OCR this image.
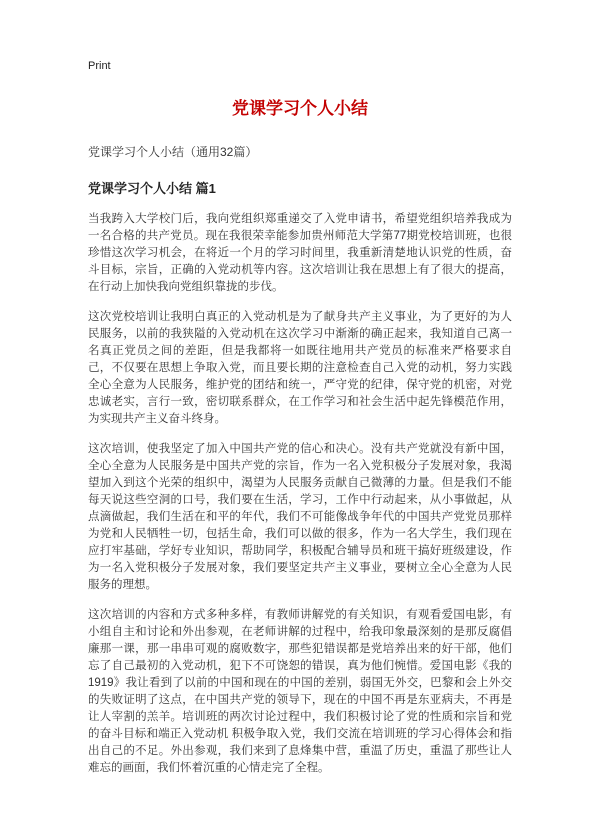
Print
党课学习个人小结

党课学习个人小结（通用32篇）

党课学习个人小结 篇1

当我跨入大学校门后，我向党组织郑重递交了入党申请书，希望党组织培养我成为一名合格的共产党员。现在我很荣幸能参加贵州师范大学第77期党校培训班，也很珍惜这次学习机会，在将近一个月的学习时间里，我重新清楚地认识党的性质，奋斗目标，宗旨，正确的入党动机等内容。这次培训让我在思想上有了很大的提高，在行动上加快我向党组织靠拢的步伐。

这次党校培训让我明白真正的入党动机是为了献身共产主义事业，为了更好的为人民服务，以前的我狭隘的入党动机在这次学习中渐渐的确正起来，我知道自己离一名真正党员之间的差距，但是我都将一如既往地用共产党员的标准来严格要求自己，不仅要在思想上争取入党，而且要长期的注意检查自己入党的动机，努力实践全心全意为人民服务，维护党的团结和统一，严守党的纪律，保守党的机密，对党忠诚老实，言行一致，密切联系群众，在工作学习和社会生活中起先锋模范作用，为实现共产主义奋斗终身。

这次培训，使我坚定了加入中国共产党的信心和决心。没有共产党就没有新中国，全心全意为人民服务是中国共产党的宗旨，作为一名入党积极分子发展对象，我渴望加入到这个光荣的组织中，渴望为人民服务贡献自己微薄的力量。但是我们不能每天说这些空洞的口号，我们要在生活，学习，工作中行动起来，从小事做起，从点滴做起，我们生活在和平的年代，我们不可能像战争年代的中国共产党党员那样为党和人民牺牲一切，包括生命，我们可以做的很多，作为一名大学生，我们现在应打牢基础，学好专业知识，帮助同学，积极配合辅导员和班干搞好班级建设，作为一名入党积极分子发展对象，我们要坚定共产主义事业，要树立全心全意为人民服务的理想。

这次培训的内容和方式多种多样，有教师讲解党的有关知识，有观看爱国电影，有小组自主和讨论和外出参观，在老师讲解的过程中，给我印象最深刻的是那反腐倡廉那一课，那一串串可观的腐败数字，那些犯错误都是党培养出来的好干部，他们忘了自己最初的入党动机，犯下不可饶恕的错误，真为他们惋惜。爱国电影《我的1919》我让看到了以前的中国和现在的中国的差别，弱国无外交，巴黎和会上外交的失败证明了这点，在中国共产党的领导下，现在的中国不再是东亚病夫，不再是让人宰割的羔羊。培训班的两次讨论过程中，我们积极讨论了党的性质和宗旨和党的奋斗目标和端正入党动机 积极争取入党，我们交流在培训班的学习心得体会和指出自己的不足。外出参观，我们来到了息烽集中营，重温了历史，重温了那些让人难忘的画面，我们怀着沉重的心情走完了全程。
